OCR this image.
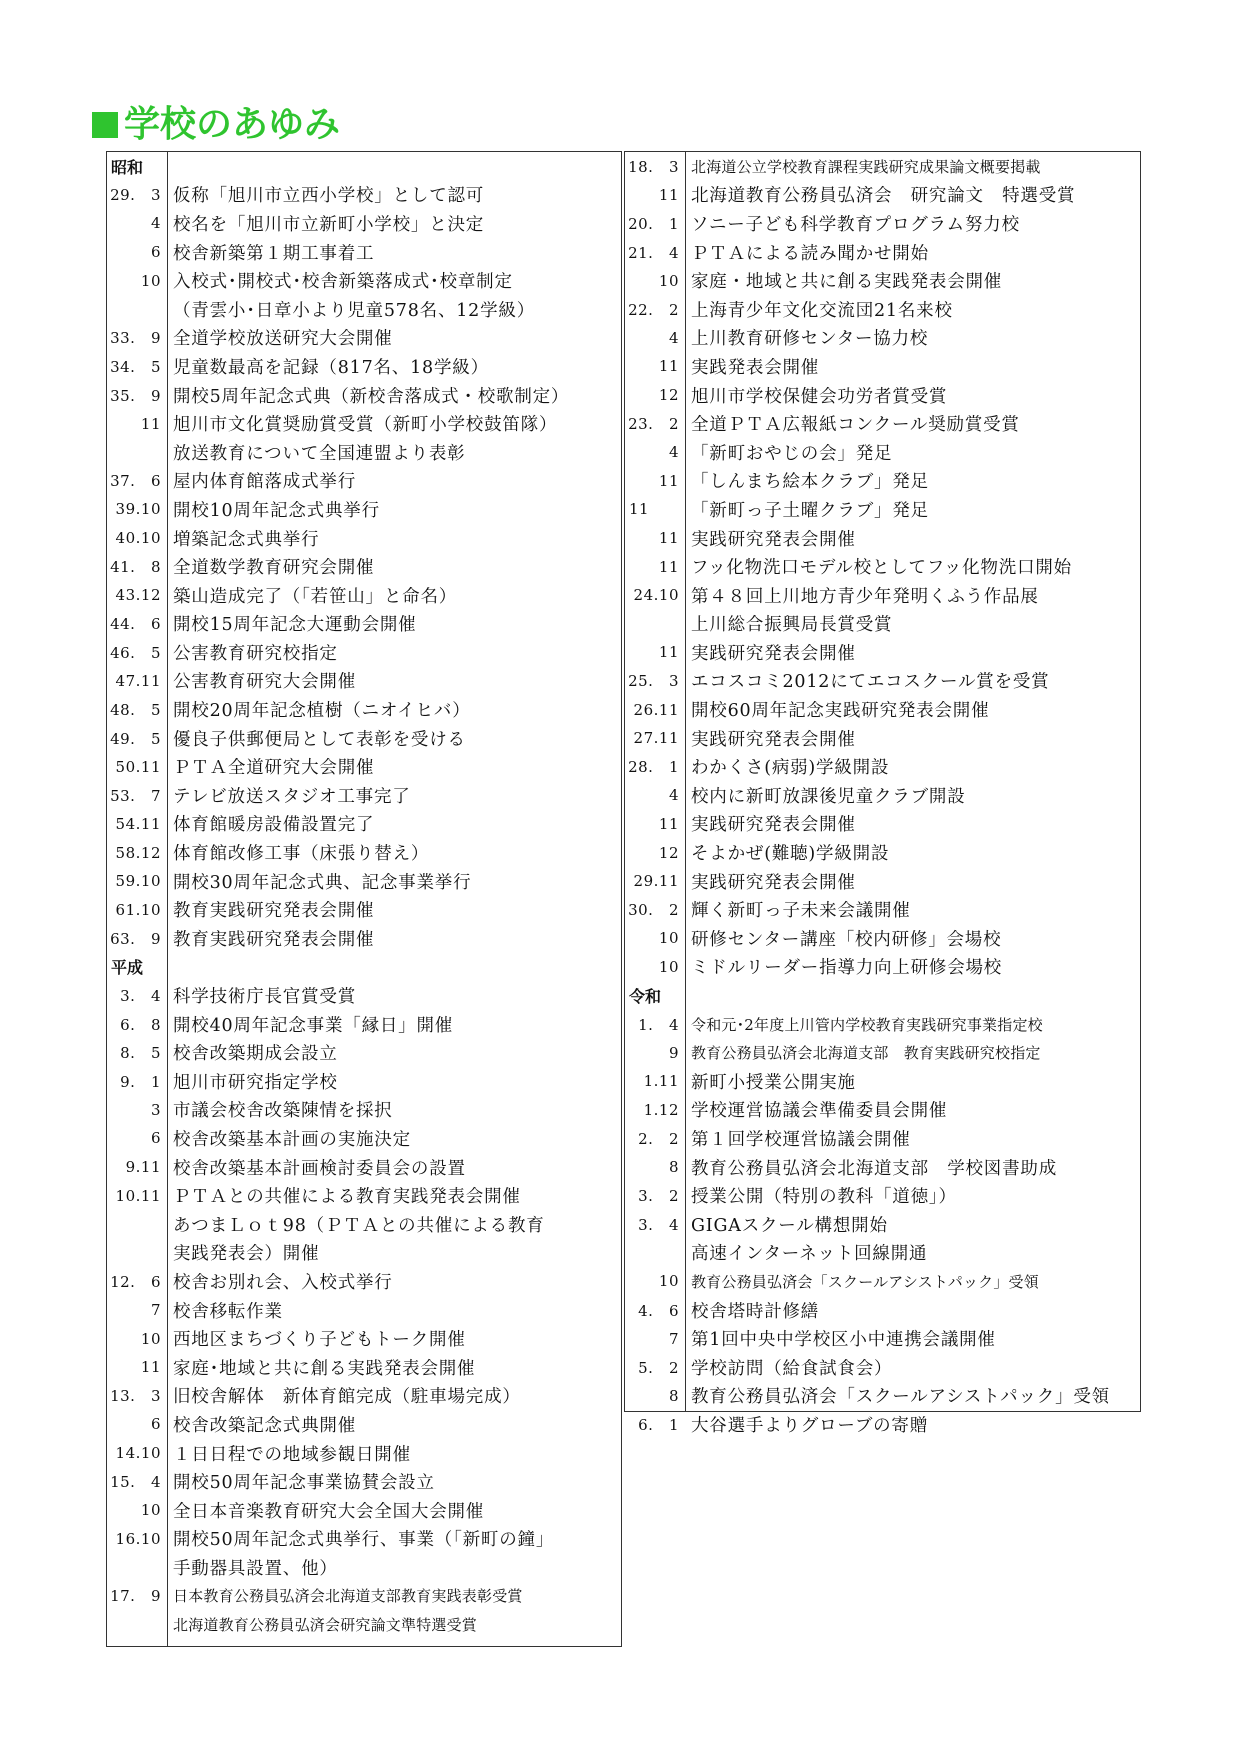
学校のあゆみ
昭和
29.　3 仮称「旭川市立西小学校」として認可
4 校名を「旭川市立新町小学校」と決定
6 校舎新築第１期工事着工
10 入校式･開校式･校舎新築落成式･校章制定
（青雲小･日章小より児童578名、12学級）
33.　9 全道学校放送研究大会開催
34.　5 児童数最高を記録（817名、18学級）
35.　9 開校5周年記念式典（新校舎落成式・校歌制定）
11 旭川市文化賞奨励賞受賞（新町小学校鼓笛隊）
放送教育について全国連盟より表彰
37.　6 屋内体育館落成式挙行
39.10 開校10周年記念式典挙行
40.10 増築記念式典挙行
41.　8 全道数学教育研究会開催
43.12 築山造成完了（「若笹山」と命名）
44.　6 開校15周年記念大運動会開催
46.　5 公害教育研究校指定
47.11 公害教育研究大会開催
48.　5 開校20周年記念植樹（ニオイヒバ）
49.　5 優良子供郵便局として表彰を受ける
50.11 ＰＴＡ全道研究大会開催
53.　7 テレビ放送スタジオ工事完了
54.11 体育館暖房設備設置完了
58.12 体育館改修工事（床張り替え）
59.10 開校30周年記念式典、記念事業挙行
61.10 教育実践研究発表会開催
63.　9 教育実践研究発表会開催
平成
3.　4 科学技術庁長官賞受賞
6.　8 開校40周年記念事業「縁日」開催
8.　5 校舎改築期成会設立
9.　1 旭川市研究指定学校
3 市議会校舎改築陳情を採択
6 校舎改築基本計画の実施決定
9.11 校舎改築基本計画検討委員会の設置
10.11 ＰＴＡとの共催による教育実践発表会開催
あつまＬｏｔ98（ＰＴＡとの共催による教育
実践発表会）開催
12.　6 校舎お別れ会、入校式挙行
7 校舎移転作業
10 西地区まちづくり子どもトーク開催
11 家庭･地域と共に創る実践発表会開催
13.　3 旧校舎解体　新体育館完成（駐車場完成）
6 校舎改築記念式典開催
14.10 １日日程での地域参観日開催
15.　4 開校50周年記念事業協賛会設立
10 全日本音楽教育研究大会全国大会開催
16.10 開校50周年記念式典挙行、事業（「新町の鐘」
手動器具設置、他）
17.　9 日本教育公務員弘済会北海道支部教育実践表彰受賞
北海道教育公務員弘済会研究論文準特選受賞
18.　3 北海道公立学校教育課程実践研究成果論文概要掲載
11 北海道教育公務員弘済会　研究論文　特選受賞
20.　1 ソニー子ども科学教育プログラム努力校
21.　4 ＰＴＡによる読み聞かせ開始
10 家庭・地域と共に創る実践発表会開催
22.　2 上海青少年文化交流団21名来校
4 上川教育研修センター協力校
11 実践発表会開催
12 旭川市学校保健会功労者賞受賞
23.　2 全道ＰＴＡ広報紙コンクール奨励賞受賞
4 「新町おやじの会」発足
11 「しんまち絵本クラブ」発足
11	「新町っ子土曜クラブ」発足
11 実践研究発表会開催
11 フッ化物洗口モデル校としてフッ化物洗口開始
24.10 第４８回上川地方青少年発明くふう作品展
上川総合振興局長賞受賞
11 実践研究発表会開催
25.　3 エコスコミ2012にてエコスクール賞を受賞
26.11 開校60周年記念実践研究発表会開催
27.11 実践研究発表会開催
28.　1 わかくさ(病弱)学級開設
4 校内に新町放課後児童クラブ開設
11 実践研究発表会開催
12 そよかぜ(難聴)学級開設
29.11 実践研究発表会開催
30.　2 輝く新町っ子未来会議開催
10 研修センター講座「校内研修」会場校
10 ミドルリーダー指導力向上研修会場校
令和
1.　4 令和元･2年度上川管内学校教育実践研究事業指定校
9 教育公務員弘済会北海道支部　教育実践研究校指定
1.11 新町小授業公開実施
1.12 学校運営協議会準備委員会開催
2.　2 第１回学校運営協議会開催
8 教育公務員弘済会北海道支部　学校図書助成
3.　2 授業公開（特別の教科「道徳」）
3.　4 GIGAスクール構想開始
高速インターネット回線開通
10 教育公務員弘済会「スクールアシストパック」受領
4.　6 校舎塔時計修繕
7 第1回中央中学校区小中連携会議開催
5.　2 学校訪問（給食試食会）
8 教育公務員弘済会「スクールアシストパック」受領
6.　1 大谷選手よりグローブの寄贈
